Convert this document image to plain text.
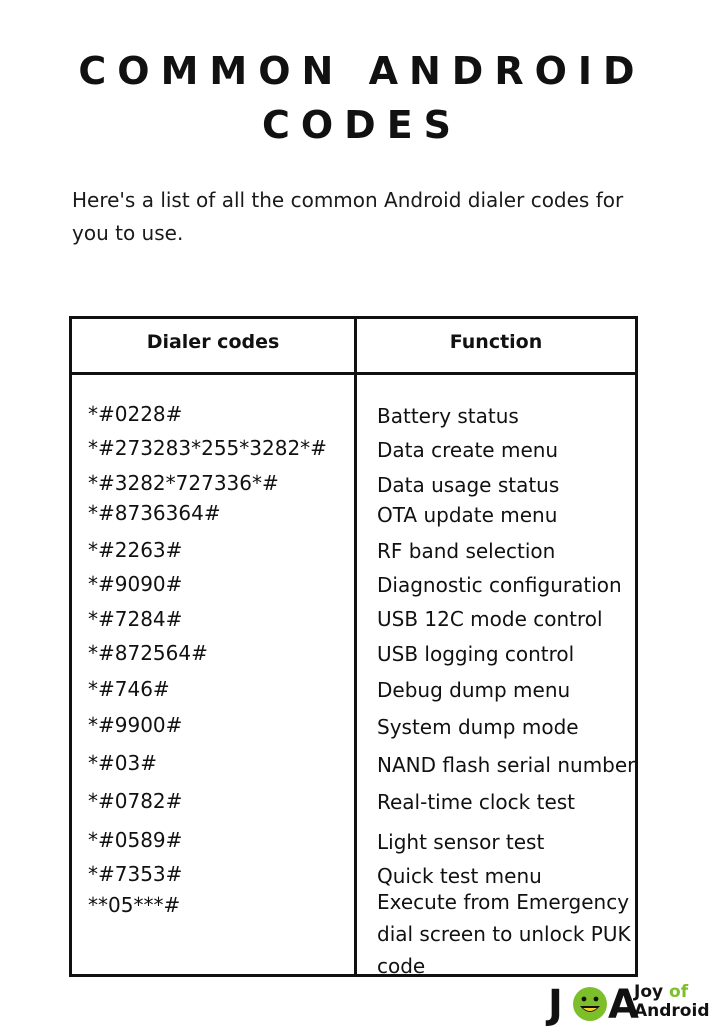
COMMON ANDROID
CODES

Here's a list of all the common Android dialer codes for you to use.

Dialer codes	Function
*#0228#	Battery status
*#273283*255*3282*#	Data create menu
*#3282*727336*#	Data usage status
*#8736364#	OTA update menu
*#2263#	RF band selection
*#9090#	Diagnostic configuration
*#7284#	USB 12C mode control
*#872564#	USB logging control
*#746#	Debug dump menu
*#9900#	System dump mode
*#03#	NAND flash serial number
*#0782#	Real-time clock test
*#0589#	Light sensor test
*#7353#	Quick test menu
**05***#	Execute from Emergency dial screen to unlock PUK code
J A
Joy of
Android
